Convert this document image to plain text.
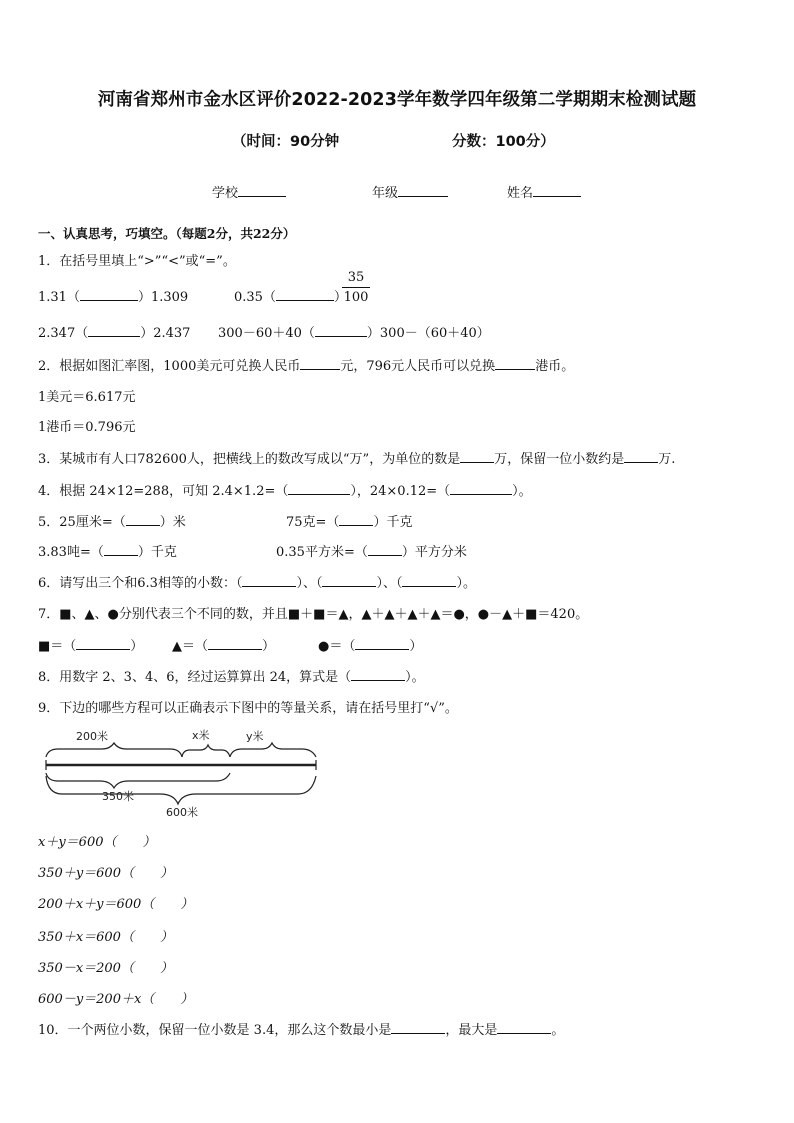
河南省郑州市金水区评价2022-2023学年数学四年级第二学期期末检测试题
（时间：90分钟	分数：100分）
学校	年级	姓名
一、认真思考，巧填空。（每题2分，共22分）
1．在括号里填上“>”“<”或“=”。
1.31（	）1.309	0.35（	）
35
100
2.347（	）2.437 300－60＋40（	）300－（60＋40）
2．根据如图汇率图，1000美元可兑换人民币	元，796元人民币可以兑换	港币。
1美元＝6.617元
1港币＝0.796元
3．某城市有人口782600人，把横线上的数改写成以“万”，为单位的数是	万，保留一位小数约是	万.
4．根据 24×12=288，可知 2.4×1.2=（	），24×0.12=（	）。
5．25厘米=（	）米	75克=（	）千克
3.83吨=（	）千克	0.35平方米=（	）平方分米
6．请写出三个和6.3相等的小数：（	）、（	）、（	）。
7．■、▲、●分别代表三个不同的数，并且■＋■＝▲，▲＋▲＋▲＋▲＝●，●－▲＋■＝420。
■＝（	） ▲＝（	）	●＝（	）
8．用数字 2、3、4、6，经过运算算出 24，算式是（	）。
9．下边的哪些方程可以正确表示下图中的等量关系，请在括号里打“√”。
200米	x米	y米
350米
600米
x＋y＝600（　　）
350＋y＝600（　　）
200＋x＋y＝600（　　）
350＋x＝600（　　）
350－x＝200（　　）
600－y＝200＋x（　　）
10．一个两位小数，保留一位小数是 3.4，那么这个数最小是	，最大是	。
